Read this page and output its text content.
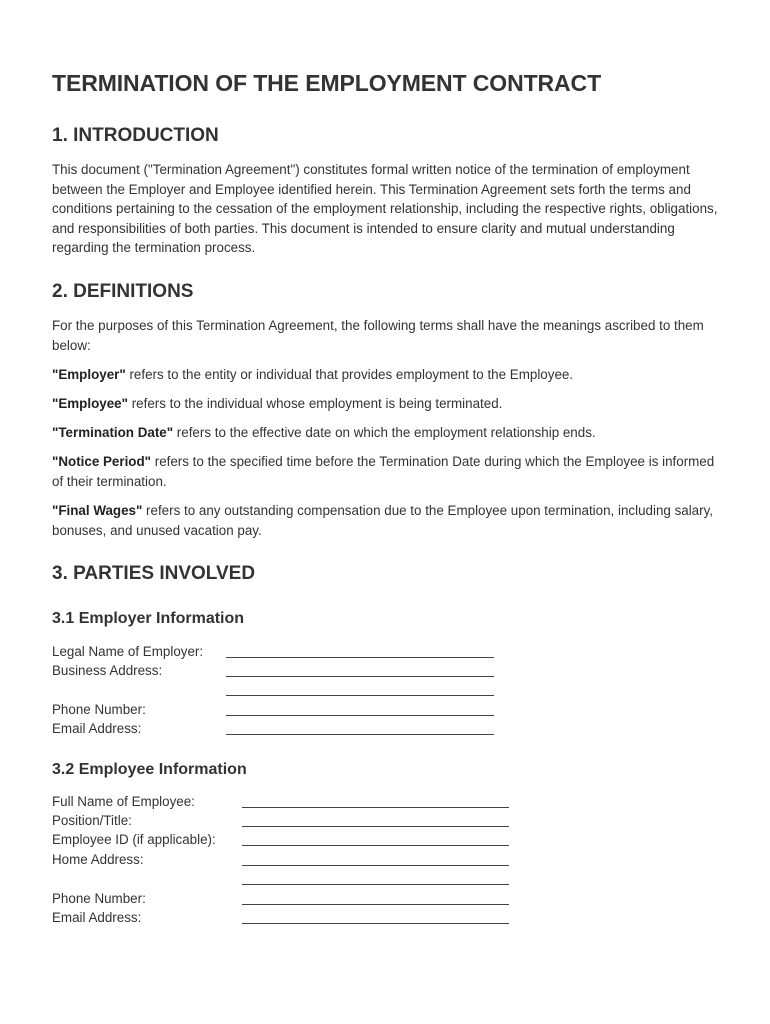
TERMINATION OF THE EMPLOYMENT CONTRACT
1. INTRODUCTION

This document ("Termination Agreement") constitutes formal written notice of the termination of employment between the Employer and Employee identified herein. This Termination Agreement sets forth the terms and conditions pertaining to the cessation of the employment relationship, including the respective rights, obligations, and responsibilities of both parties. This document is intended to ensure clarity and mutual understanding regarding the termination process.

2. DEFINITIONS

For the purposes of this Termination Agreement, the following terms shall have the meanings ascribed to them below:

"Employer" refers to the entity or individual that provides employment to the Employee.

"Employee" refers to the individual whose employment is being terminated.

"Termination Date" refers to the effective date on which the employment relationship ends.

"Notice Period" refers to the specified time before the Termination Date during which the Employee is informed of their termination.

"Final Wages" refers to any outstanding compensation due to the Employee upon termination, including salary, bonuses, and unused vacation pay.

3. PARTIES INVOLVED
3.1 Employer Information
Legal Name of Employer:
Business Address:
Phone Number:
Email Address:
3.2 Employee Information
Full Name of Employee:
Position/Title:
Employee ID (if applicable):
Home Address:
Phone Number:
Email Address:
